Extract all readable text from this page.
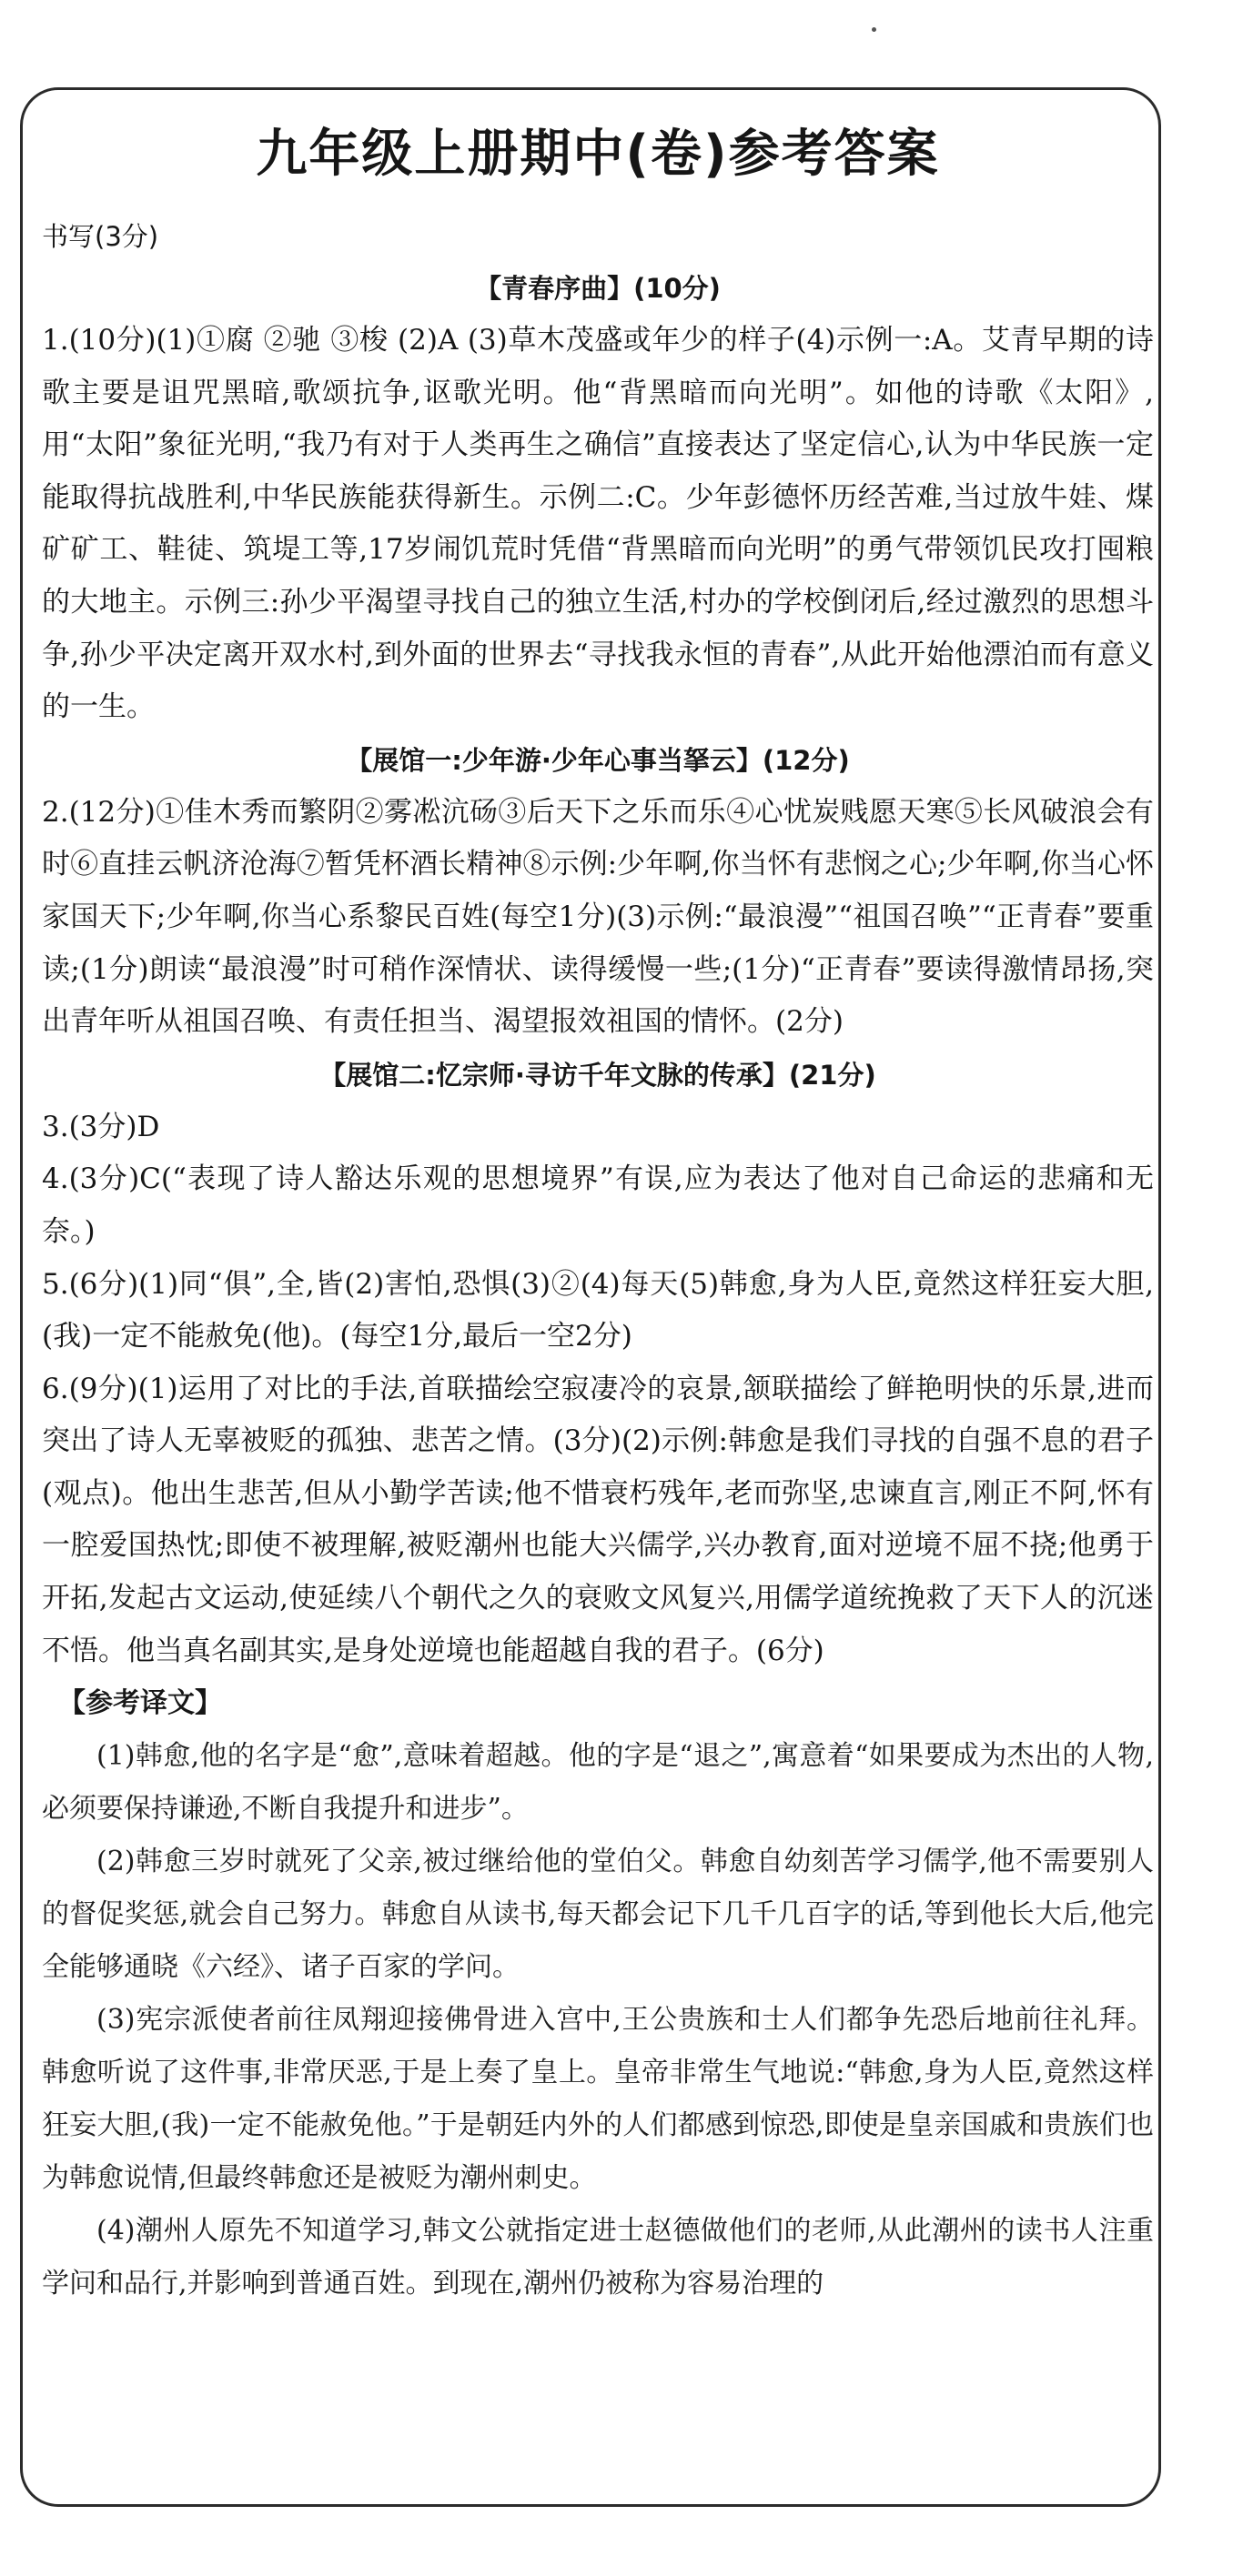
九年级上册期中(卷)参考答案
书写(3分)
【青春序曲】(10分)
1.(10分)(1)①腐 ②驰 ③梭 (2)A (3)草木茂盛或年少的样子(4)示例一:A。艾青早期的诗歌主要是诅咒黑暗,歌颂抗争,讴歌光明。他“背黑暗而向光明”。如他的诗歌《太阳》,用“太阳”象征光明,“我乃有对于人类再生之确信”直接表达了坚定信心,认为中华民族一定能取得抗战胜利,中华民族能获得新生。示例二:C。少年彭德怀历经苦难,当过放牛娃、煤矿矿工、鞋徒、筑堤工等,17岁闹饥荒时凭借“背黑暗而向光明”的勇气带领饥民攻打囤粮的大地主。示例三:孙少平渴望寻找自己的独立生活,村办的学校倒闭后,经过激烈的思想斗争,孙少平决定离开双水村,到外面的世界去“寻找我永恒的青春”,从此开始他漂泊而有意义的一生。
【展馆一:少年游·少年心事当拏云】(12分)
2.(12分)①佳木秀而繁阴②雾凇沆砀③后天下之乐而乐④心忧炭贱愿天寒⑤长风破浪会有时⑥直挂云帆济沧海⑦暂凭杯酒长精神⑧示例:少年啊,你当怀有悲悯之心;少年啊,你当心怀家国天下;少年啊,你当心系黎民百姓(每空1分)(3)示例:“最浪漫”“祖国召唤”“正青春”要重读;(1分)朗读“最浪漫”时可稍作深情状、读得缓慢一些;(1分)“正青春”要读得激情昂扬,突出青年听从祖国召唤、有责任担当、渴望报效祖国的情怀。(2分)
【展馆二:忆宗师·寻访千年文脉的传承】(21分)
3.(3分)D
4.(3分)C(“表现了诗人豁达乐观的思想境界”有误,应为表达了他对自己命运的悲痛和无奈。)
5.(6分)(1)同“俱”,全,皆(2)害怕,恐惧(3)②(4)每天(5)韩愈,身为人臣,竟然这样狂妄大胆,(我)一定不能赦免(他)。(每空1分,最后一空2分)
6.(9分)(1)运用了对比的手法,首联描绘空寂凄冷的哀景,颔联描绘了鲜艳明快的乐景,进而突出了诗人无辜被贬的孤独、悲苦之情。(3分)(2)示例:韩愈是我们寻找的自强不息的君子(观点)。他出生悲苦,但从小勤学苦读;他不惜衰朽残年,老而弥坚,忠谏直言,刚正不阿,怀有一腔爱国热忱;即使不被理解,被贬潮州也能大兴儒学,兴办教育,面对逆境不屈不挠;他勇于开拓,发起古文运动,使延续八个朝代之久的衰败文风复兴,用儒学道统挽救了天下人的沉迷不悟。他当真名副其实,是身处逆境也能超越自我的君子。(6分)
【参考译文】
(1)韩愈,他的名字是“愈”,意味着超越。他的字是“退之”,寓意着“如果要成为杰出的人物,必须要保持谦逊,不断自我提升和进步”。
(2)韩愈三岁时就死了父亲,被过继给他的堂伯父。韩愈自幼刻苦学习儒学,他不需要别人的督促奖惩,就会自己努力。韩愈自从读书,每天都会记下几千几百字的话,等到他长大后,他完全能够通晓《六经》、诸子百家的学问。
(3)宪宗派使者前往凤翔迎接佛骨进入宫中,王公贵族和士人们都争先恐后地前往礼拜。韩愈听说了这件事,非常厌恶,于是上奏了皇上。皇帝非常生气地说:“韩愈,身为人臣,竟然这样狂妄大胆,(我)一定不能赦免他。”于是朝廷内外的人们都感到惊恐,即使是皇亲国戚和贵族们也为韩愈说情,但最终韩愈还是被贬为潮州刺史。
(4)潮州人原先不知道学习,韩文公就指定进士赵德做他们的老师,从此潮州的读书人注重学问和品行,并影响到普通百姓。到现在,潮州仍被称为容易治理的
